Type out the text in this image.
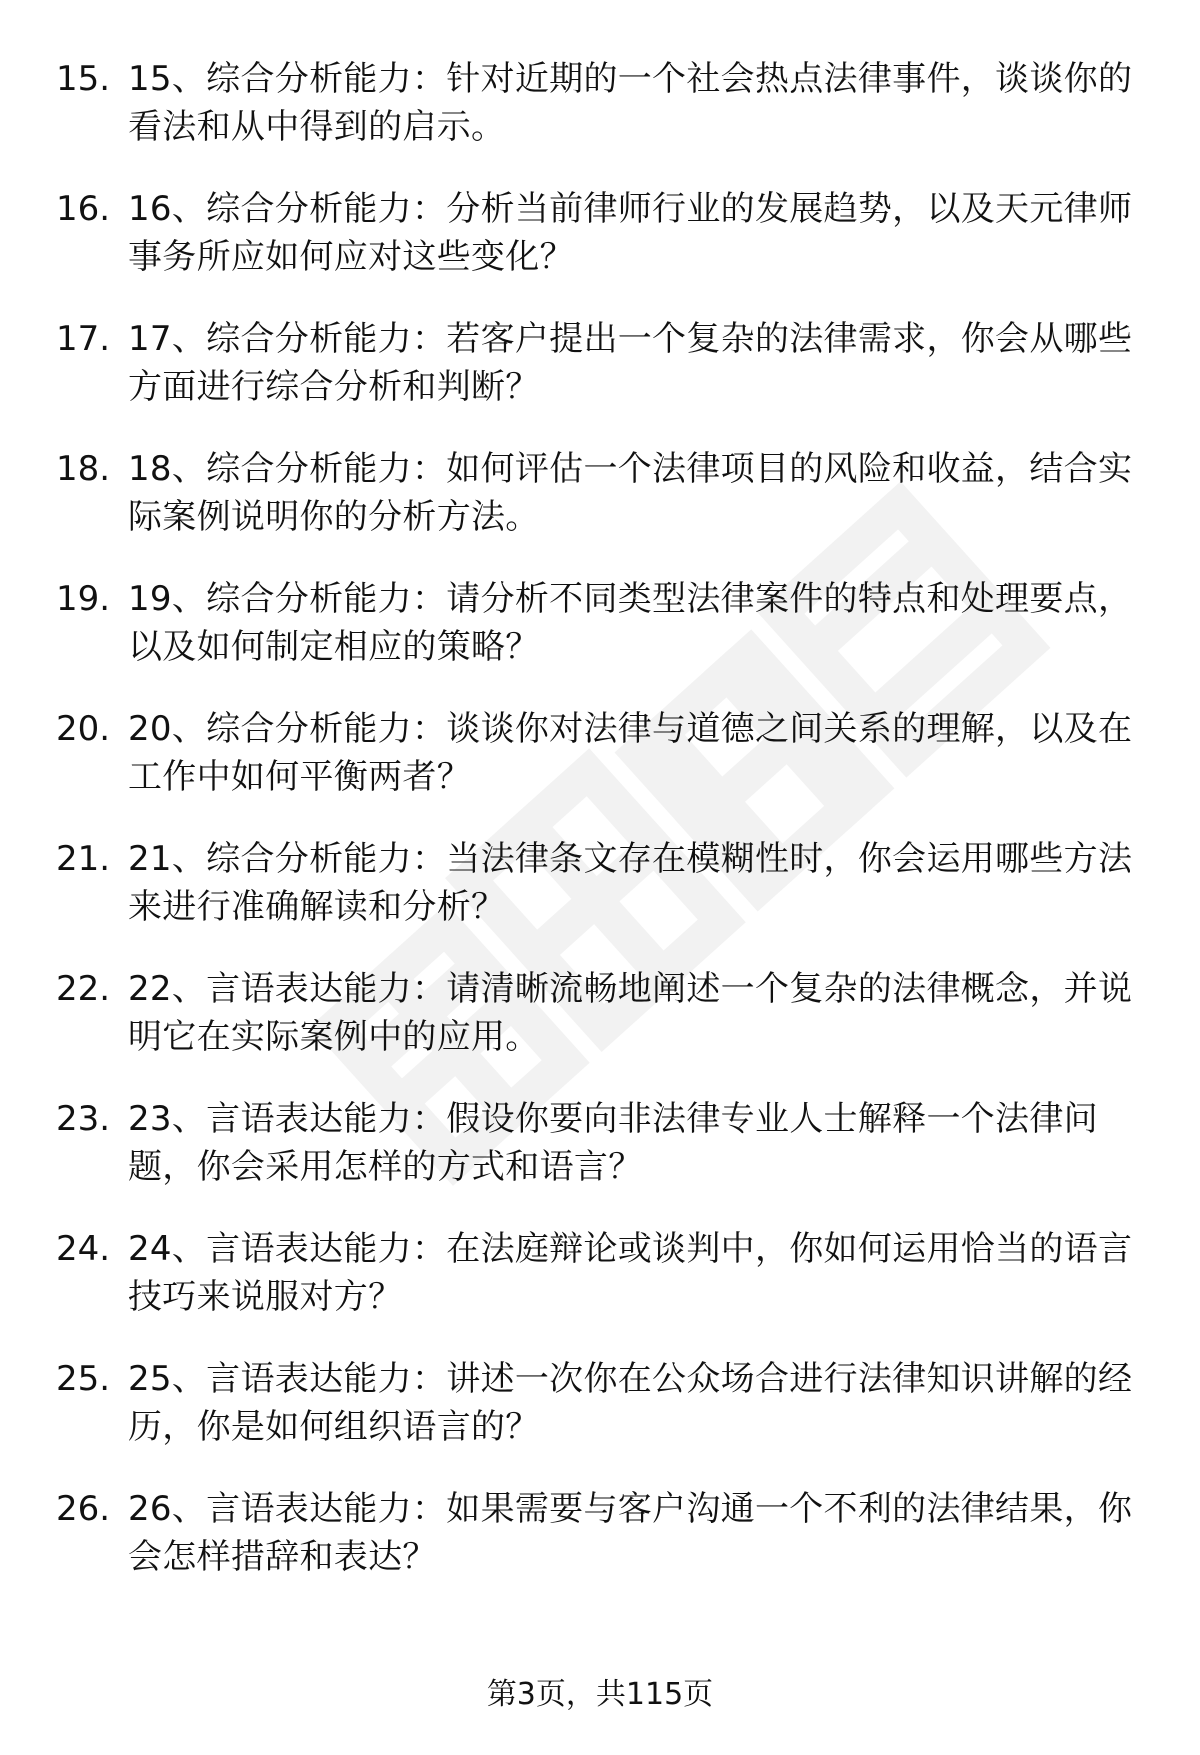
15. 15、综合分析能力：针对近期的一个社会热点法律事件，谈谈你的看法和从中得到的启示。
16. 16、综合分析能力：分析当前律师行业的发展趋势，以及天元律师事务所应如何应对这些变化？
17. 17、综合分析能力：若客户提出一个复杂的法律需求，你会从哪些方面进行综合分析和判断？
18. 18、综合分析能力：如何评估一个法律项目的风险和收益，结合实际案例说明你的分析方法。
19. 19、综合分析能力：请分析不同类型法律案件的特点和处理要点，以及如何制定相应的策略？
20. 20、综合分析能力：谈谈你对法律与道德之间关系的理解，以及在工作中如何平衡两者？
21. 21、综合分析能力：当法律条文存在模糊性时，你会运用哪些方法来进行准确解读和分析？
22. 22、言语表达能力：请清晰流畅地阐述一个复杂的法律概念，并说明它在实际案例中的应用。
23. 23、言语表达能力：假设你要向非法律专业人士解释一个法律问题，你会采用怎样的方式和语言？
24. 24、言语表达能力：在法庭辩论或谈判中，你如何运用恰当的语言技巧来说服对方？
25. 25、言语表达能力：讲述一次你在公众场合进行法律知识讲解的经历，你是如何组织语言的？
26. 26、言语表达能力：如果需要与客户沟通一个不利的法律结果，你会怎样措辞和表达？
第3页，共115页
